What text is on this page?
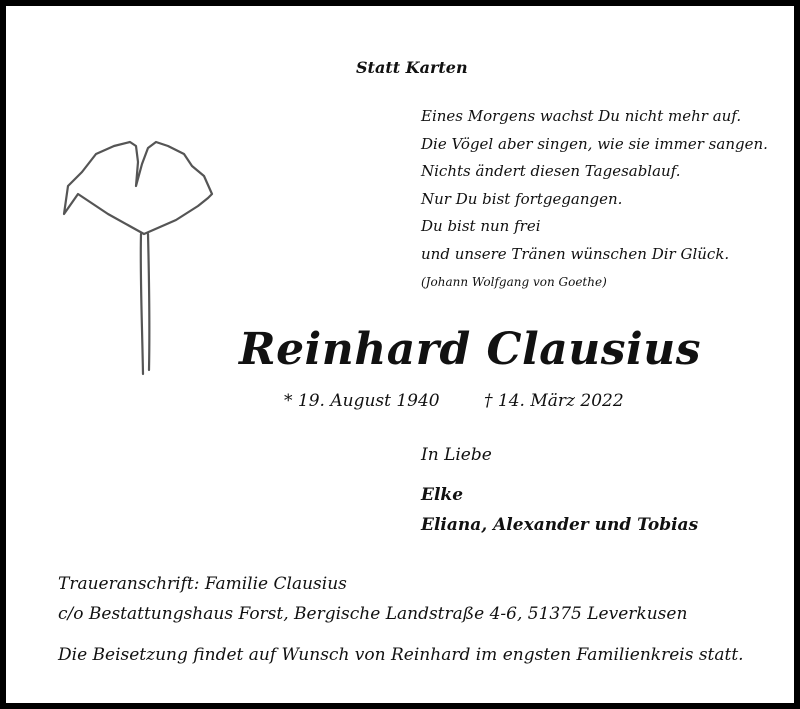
Statt Karten

Eines Morgens wachst Du nicht mehr auf.
Die Vögel aber singen, wie sie immer sangen.
Nichts ändert diesen Tagesablauf.
Nur Du bist fortgegangen.
Du bist nun frei
und unsere Tränen wünschen Dir Glück.

(Johann Wolfgang von Goethe)

Reinhard Clausius

* 19. August 1940	† 14. März 2022

In Liebe

Elke
Eliana, Alexander und Tobias
Traueranschrift: Familie Clausius
c/o Bestattungshaus Forst, Bergische Landstraße 4-6, 51375 Leverkusen

Die Beisetzung findet auf Wunsch von Reinhard im engsten Familienkreis statt.
